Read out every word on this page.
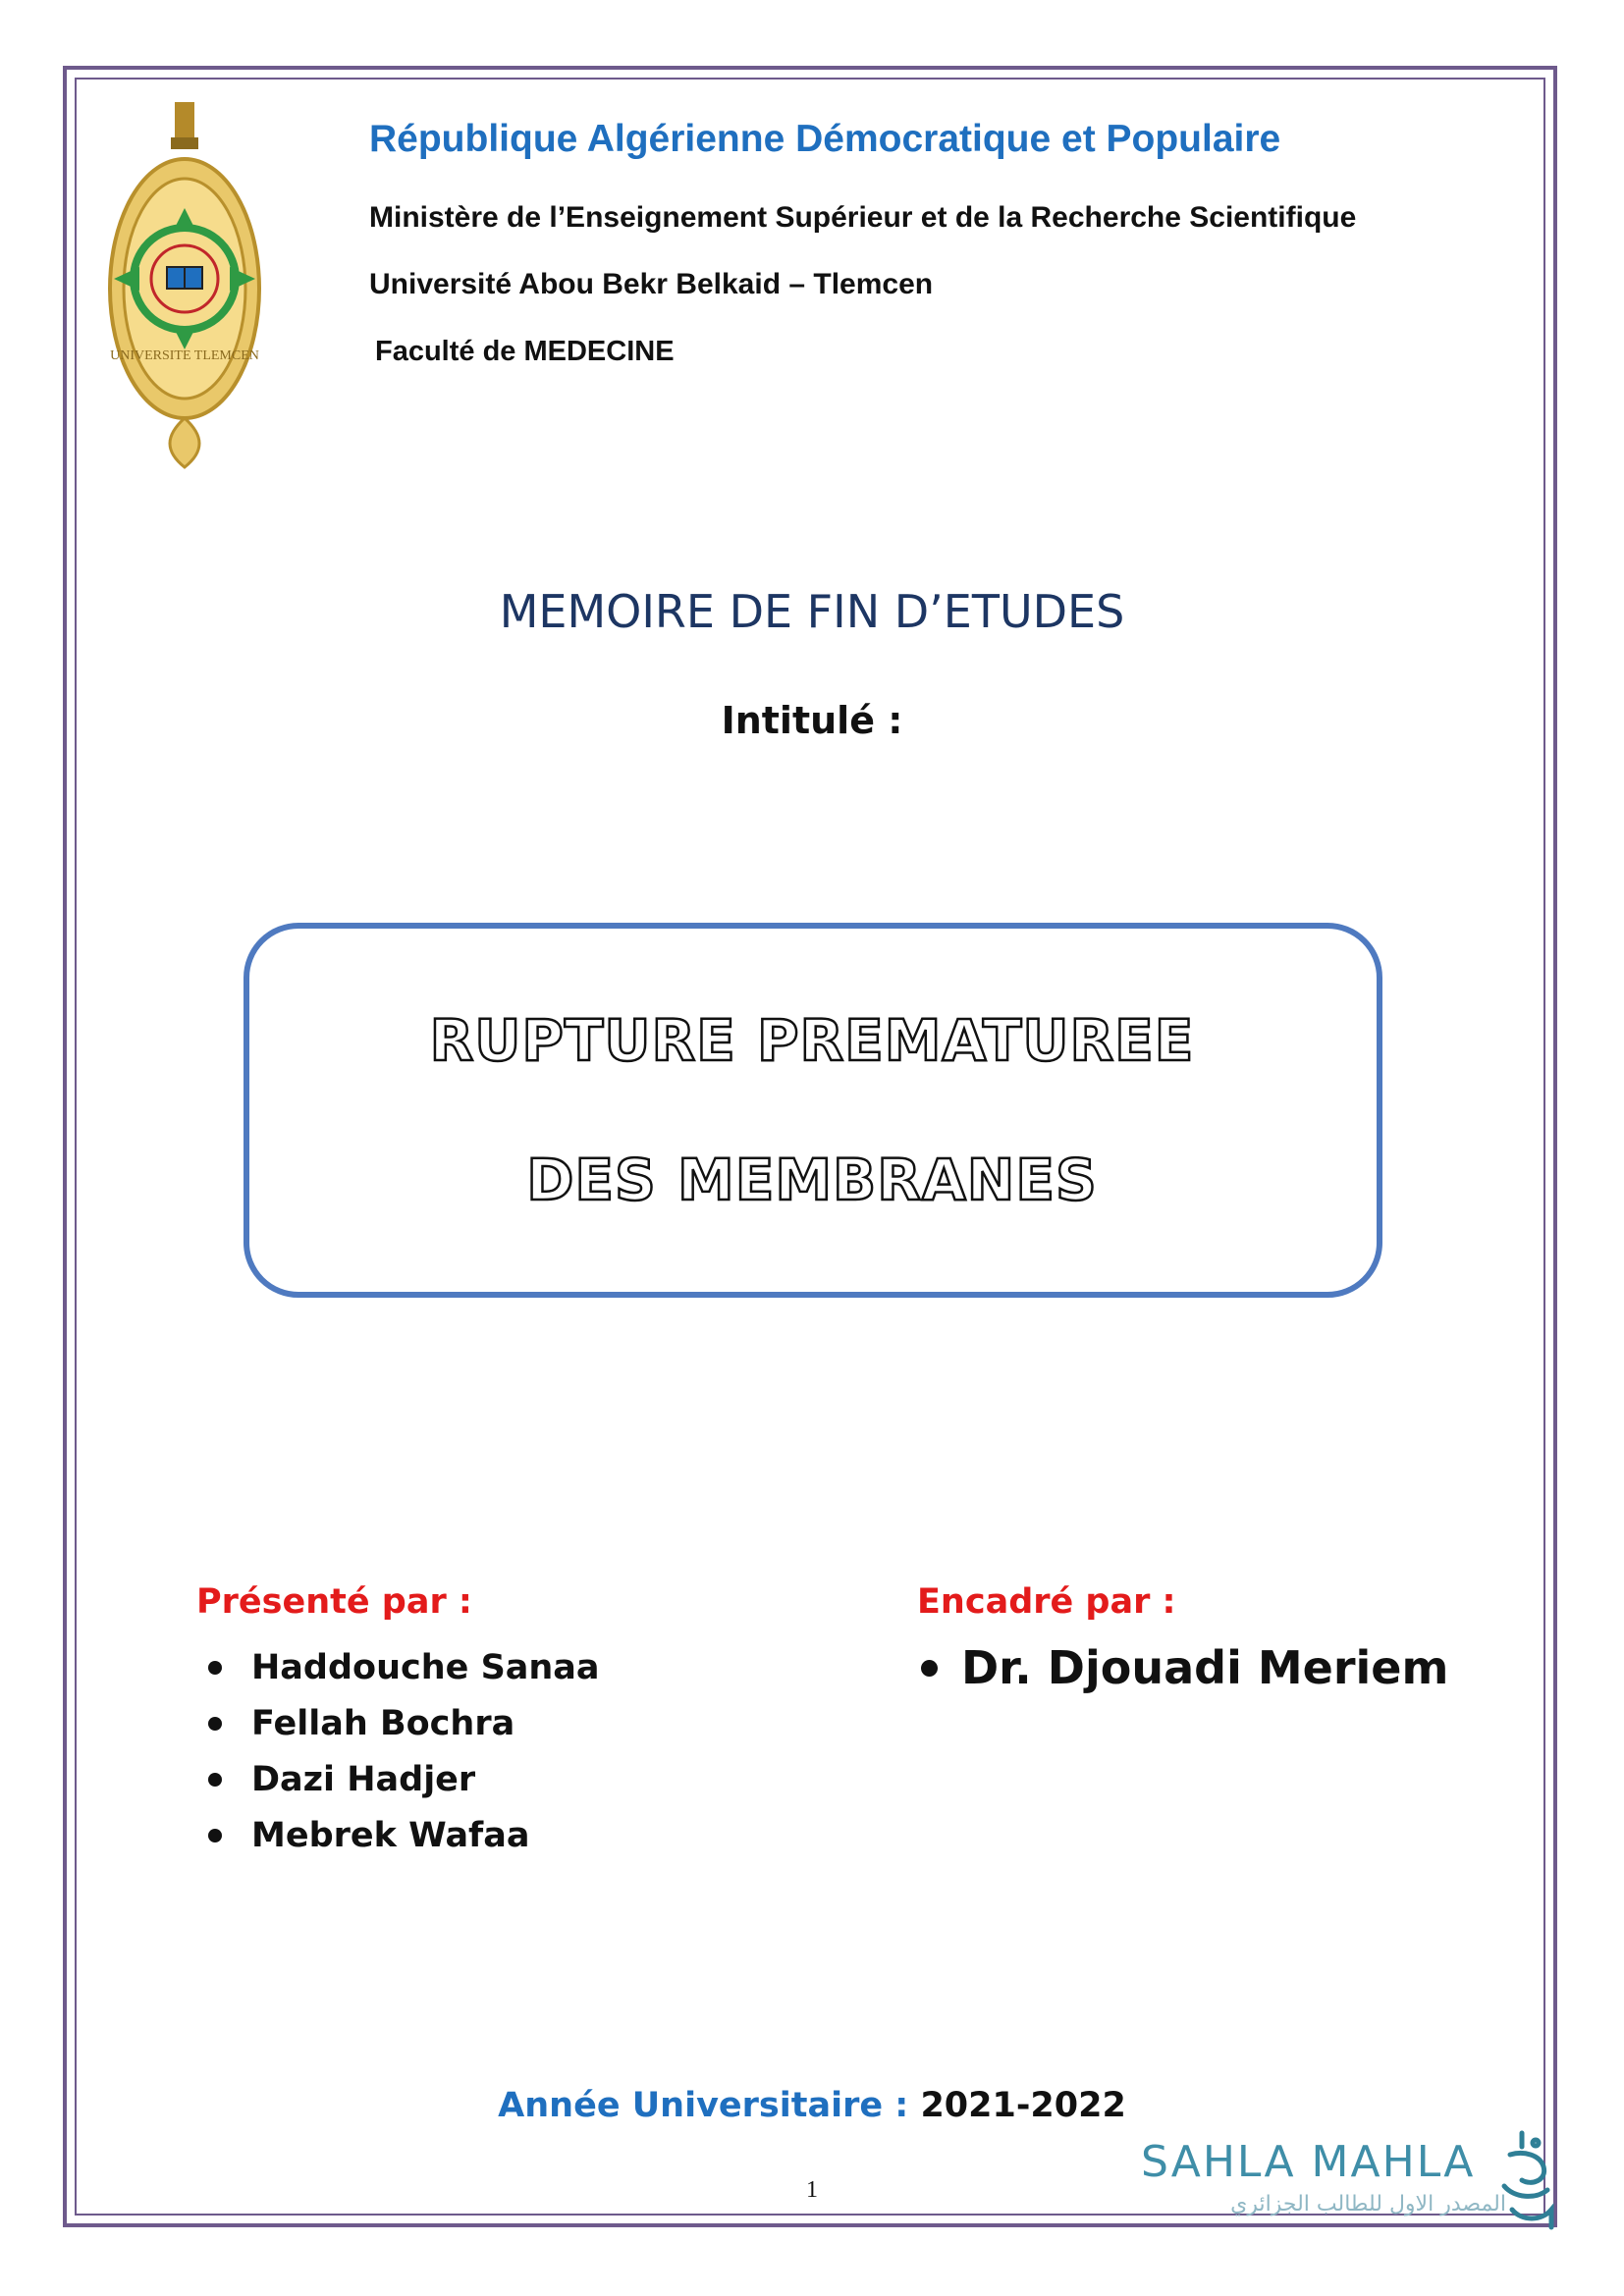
UNIVERSITE TLEMCEN
République Algérienne Démocratique et Populaire
Ministère de l’Enseignement Supérieur et de la Recherche Scientifique
Université Abou Bekr Belkaid – Tlemcen
Faculté de MEDECINE
MEMOIRE DE FIN D’ETUDES
Intitulé :
RUPTURE PREMATUREE
DES MEMBRANES
Présenté par :
Haddouche Sanaa
Fellah Bochra
Dazi Hadjer
Mebrek Wafaa
Encadré par :
Dr. Djouadi Meriem
Année Universitaire : 2021-2022
1
SAHLA MAHLA
المصدر الاول للطالب الجزائري
